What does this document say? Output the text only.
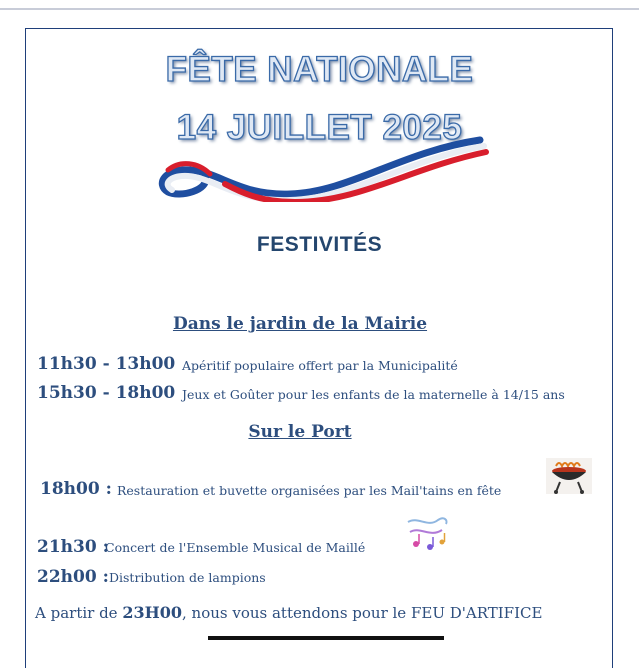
FÊTE NATIONALE
14 JUILLET 2025
FESTIVITÉS
Dans le jardin de la Mairie
11h30 - 13h00 Apéritif populaire offert par la Municipalité
15h30 - 18h00 Jeux et Goûter pour les enfants de la maternelle à 14/15 ans
Sur le Port
18h00 : Restauration et buvette organisées par les Mail'tains en fête
21h30 :
Concert de l'Ensemble Musical de Maillé
22h00 : Distribution de lampions
A partir de 23H00, nous vous attendons pour le FEU D'ARTIFICE
